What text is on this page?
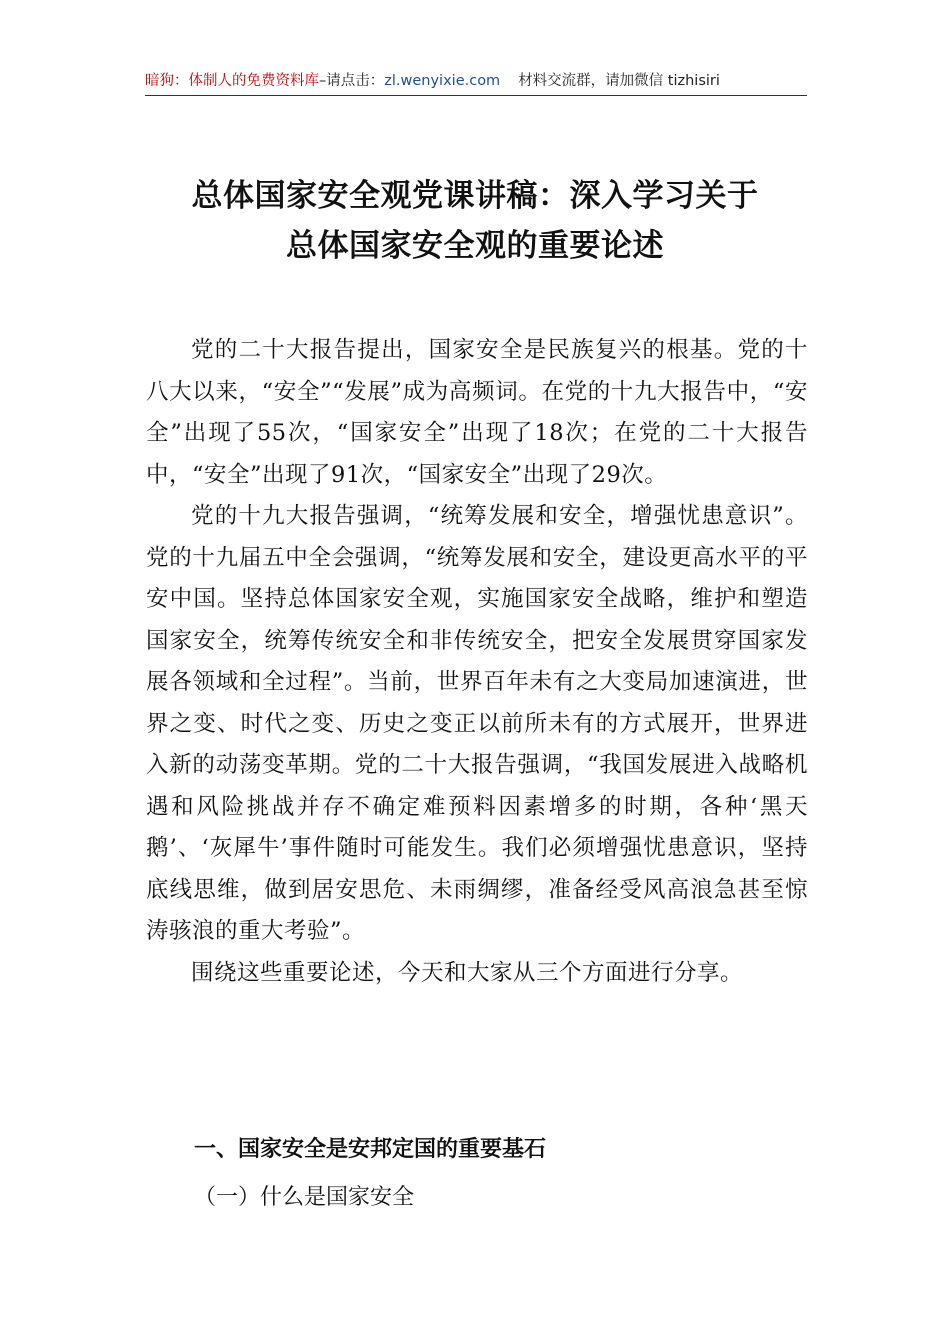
暗狗：体制人的免费资料库–请点击：zl.wenyixie.com 材料交流群，请加微信 tizhisiri
总体国家安全观党课讲稿：深入学习关于
总体国家安全观的重要论述

党的二十大报告提出，国家安全是民族复兴的根基。党的十八大以来，“安全”“发展”成为高频词。在党的十九大报告中，“安全”出现了55次，“国家安全”出现了18次；在党的二十大报告中，“安全”出现了91次，“国家安全”出现了29次。

党的十九大报告强调，“统筹发展和安全，增强忧患意识”。党的十九届五中全会强调，“统筹发展和安全，建设更高水平的平安中国。坚持总体国家安全观，实施国家安全战略，维护和塑造国家安全，统筹传统安全和非传统安全，把安全发展贯穿国家发展各领域和全过程”。当前，世界百年未有之大变局加速演进，世界之变、时代之变、历史之变正以前所未有的方式展开，世界进入新的动荡变革期。党的二十大报告强调，“我国发展进入战略机遇和风险挑战并存不确定难预料因素增多的时期，各种‘黑天鹅’、‘灰犀牛’事件随时可能发生。我们必须增强忧患意识，坚持底线思维，做到居安思危、未雨绸缪，准备经受风高浪急甚至惊涛骇浪的重大考验”。

围绕这些重要论述，今天和大家从三个方面进行分享。

一、国家安全是安邦定国的重要基石
（一）什么是国家安全
